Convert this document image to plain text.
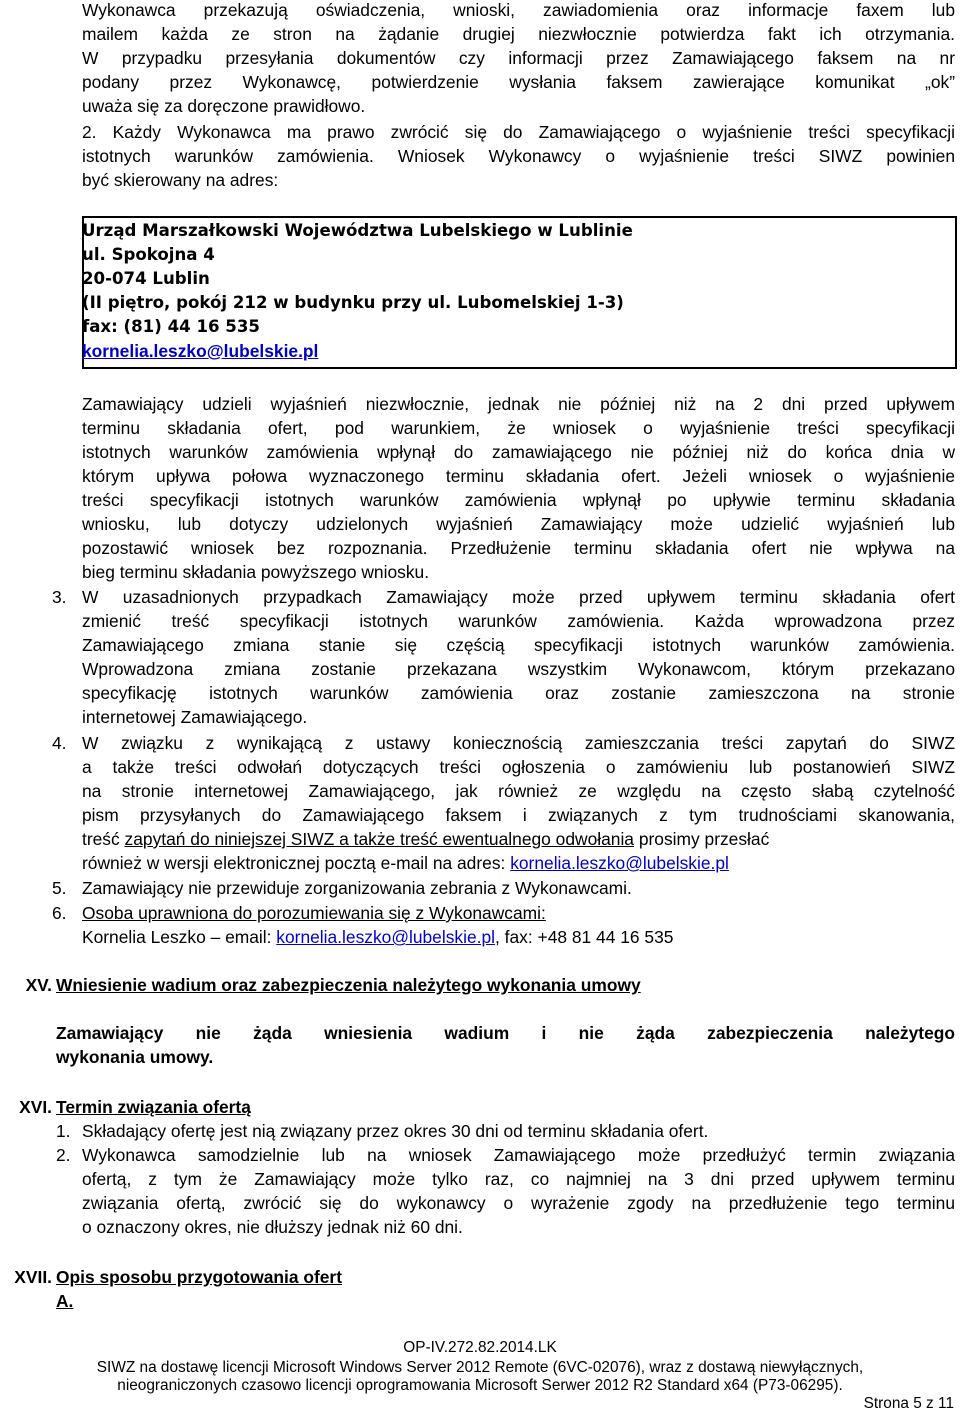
Wykonawca przekazują oświadczenia, wnioski, zawiadomienia oraz informacje faxem lub
mailem każda ze stron na żądanie drugiej niezwłocznie potwierdza fakt ich otrzymania.
W przypadku przesyłania dokumentów czy informacji przez Zamawiającego faksem na nr
podany przez Wykonawcę, potwierdzenie wysłania faksem zawierające komunikat „ok”
uważa się za doręczone prawidłowo.
2. Każdy Wykonawca ma prawo zwrócić się do Zamawiającego o wyjaśnienie treści specyfikacji
istotnych warunków zamówienia. Wniosek Wykonawcy o wyjaśnienie treści SIWZ powinien
być skierowany na adres:
Urząd Marszałkowski Województwa Lubelskiego w Lublinie
ul. Spokojna 4
20-074 Lublin
(II piętro, pokój 212 w budynku przy ul. Lubomelskiej 1-3)
fax: (81) 44 16 535
kornelia.leszko@lubelskie.pl
Zamawiający udzieli wyjaśnień niezwłocznie, jednak nie później niż na 2 dni przed upływem
terminu składania ofert, pod warunkiem, że wniosek o wyjaśnienie treści specyfikacji
istotnych warunków zamówienia wpłynął do zamawiającego nie później niż do końca dnia w
którym upływa połowa wyznaczonego terminu składania ofert. Jeżeli wniosek o wyjaśnienie
treści specyfikacji istotnych warunków zamówienia wpłynął po upływie terminu składania
wniosku, lub dotyczy udzielonych wyjaśnień Zamawiający może udzielić wyjaśnień lub
pozostawić wniosek bez rozpoznania. Przedłużenie terminu składania ofert nie wpływa na
bieg terminu składania powyższego wniosku.
3. W uzasadnionych przypadkach Zamawiający może przed upływem terminu składania ofert
zmienić treść specyfikacji istotnych warunków zamówienia. Każda wprowadzona przez
Zamawiającego zmiana stanie się częścią specyfikacji istotnych warunków zamówienia.
Wprowadzona zmiana zostanie przekazana wszystkim Wykonawcom, którym przekazano
specyfikację istotnych warunków zamówienia oraz zostanie zamieszczona na stronie
internetowej Zamawiającego.
4. W związku z wynikającą z ustawy koniecznością zamieszczania treści zapytań do SIWZ
a także treści odwołań dotyczących treści ogłoszenia o zamówieniu lub postanowień SIWZ
na stronie internetowej Zamawiającego, jak również ze względu na często słabą czytelność
pism przysyłanych do Zamawiającego faksem i związanych z tym trudnościami skanowania,
treść zapytań do niniejszej SIWZ a także treść ewentualnego odwołania prosimy przesłać
również w wersji elektronicznej pocztą e-mail na adres: kornelia.leszko@lubelskie.pl
5. Zamawiający nie przewiduje zorganizowania zebrania z Wykonawcami.
6. Osoba uprawniona do porozumiewania się z Wykonawcami:
Kornelia Leszko – email: kornelia.leszko@lubelskie.pl, fax: +48 81 44 16 535
XV. Wniesienie wadium oraz zabezpieczenia należytego wykonania umowy
Zamawiający nie żąda wniesienia wadium i nie żąda zabezpieczenia należytego
wykonania umowy.
XVI. Termin związania ofertą
1. Składający ofertę jest nią związany przez okres 30 dni od terminu składania ofert.
2. Wykonawca samodzielnie lub na wniosek Zamawiającego może przedłużyć termin związania
ofertą, z tym że Zamawiający może tylko raz, co najmniej na 3 dni przed upływem terminu
związania ofertą, zwrócić się do wykonawcy o wyrażenie zgody na przedłużenie tego terminu
o oznaczony okres, nie dłuższy jednak niż 60 dni.
XVII. Opis sposobu przygotowania ofert
A.
OP-IV.272.82.2014.LK
SIWZ na dostawę licencji Microsoft Windows Server 2012 Remote (6VC-02076), wraz z dostawą niewyłącznych,
nieograniczonych czasowo licencji oprogramowania Microsoft Serwer 2012 R2 Standard x64 (P73-06295).
Strona 5 z 11
